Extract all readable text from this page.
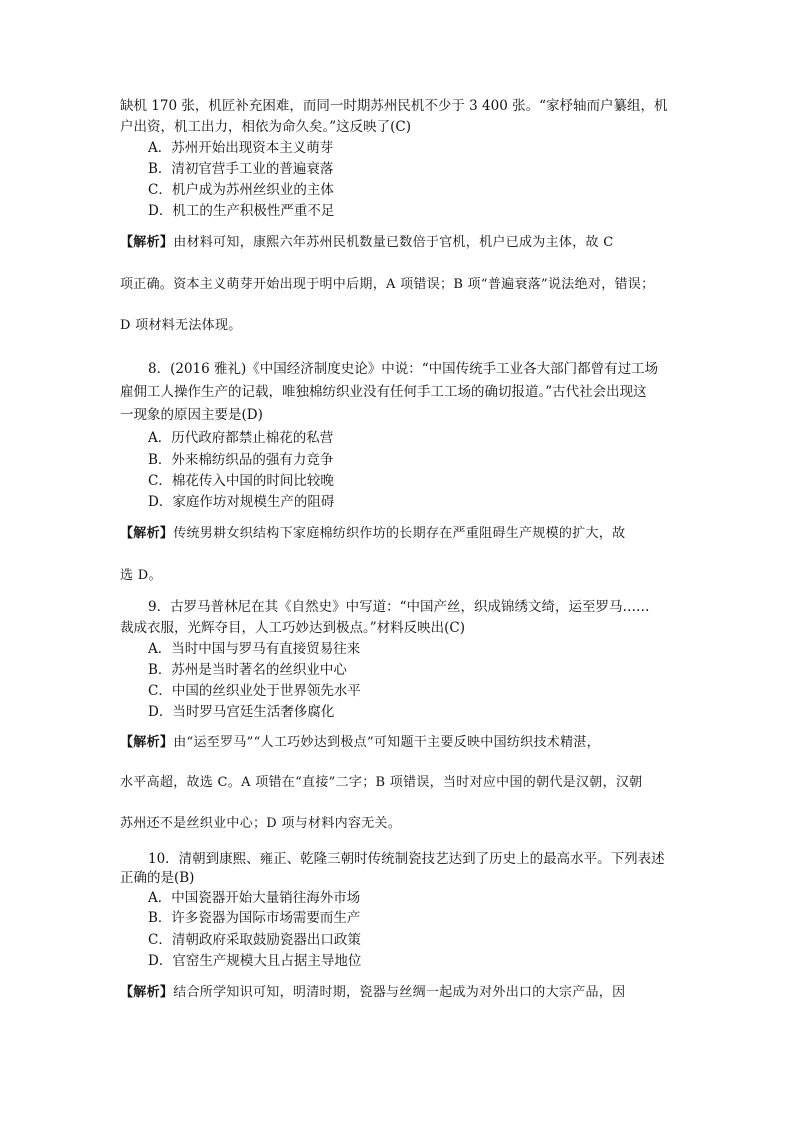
缺机 170 张，机匠补充困难，而同一时期苏州民机不少于 3 400 张。“家杼轴而户纂组，机
户出资，机工出力，相依为命久矣。”这反映了(C)
A．苏州开始出现资本主义萌芽
B．清初官营手工业的普遍衰落
C．机户成为苏州丝织业的主体
D．机工的生产积极性严重不足
【解析】由材料可知，康熙六年苏州民机数量已数倍于官机，机户已成为主体，故 C
项正确。资本主义萌芽开始出现于明中后期，A 项错误；B 项“普遍衰落”说法绝对，错误；
D 项材料无法体现。
8．(2016 雅礼)《中国经济制度史论》中说：“中国传统手工业各大部门都曾有过工场
雇佣工人操作生产的记载，唯独棉纺织业没有任何手工工场的确切报道。”古代社会出现这
一现象的原因主要是(D)
A．历代政府都禁止棉花的私营
B．外来棉纺织品的强有力竞争
C．棉花传入中国的时间比较晚
D．家庭作坊对规模生产的阻碍
【解析】传统男耕女织结构下家庭棉纺织作坊的长期存在严重阻碍生产规模的扩大，故
选 D。
9．古罗马普林尼在其《自然史》中写道：“中国产丝，织成锦绣文绮，运至罗马……
裁成衣服，光辉夺目，人工巧妙达到极点。”材料反映出(C)
A．当时中国与罗马有直接贸易往来
B．苏州是当时著名的丝织业中心
C．中国的丝织业处于世界领先水平
D．当时罗马宫廷生活奢侈腐化
【解析】由“运至罗马”“人工巧妙达到极点”可知题干主要反映中国纺织技术精湛，
水平高超，故选 C。A 项错在“直接”二字；B 项错误，当时对应中国的朝代是汉朝，汉朝
苏州还不是丝织业中心；D 项与材料内容无关。
10．清朝到康熙、雍正、乾隆三朝时传统制瓷技艺达到了历史上的最高水平。下列表述
正确的是(B)
A．中国瓷器开始大量销往海外市场
B．许多瓷器为国际市场需要而生产
C．清朝政府采取鼓励瓷器出口政策
D．官窑生产规模大且占据主导地位
【解析】结合所学知识可知，明清时期，瓷器与丝绸一起成为对外出口的大宗产品，因
